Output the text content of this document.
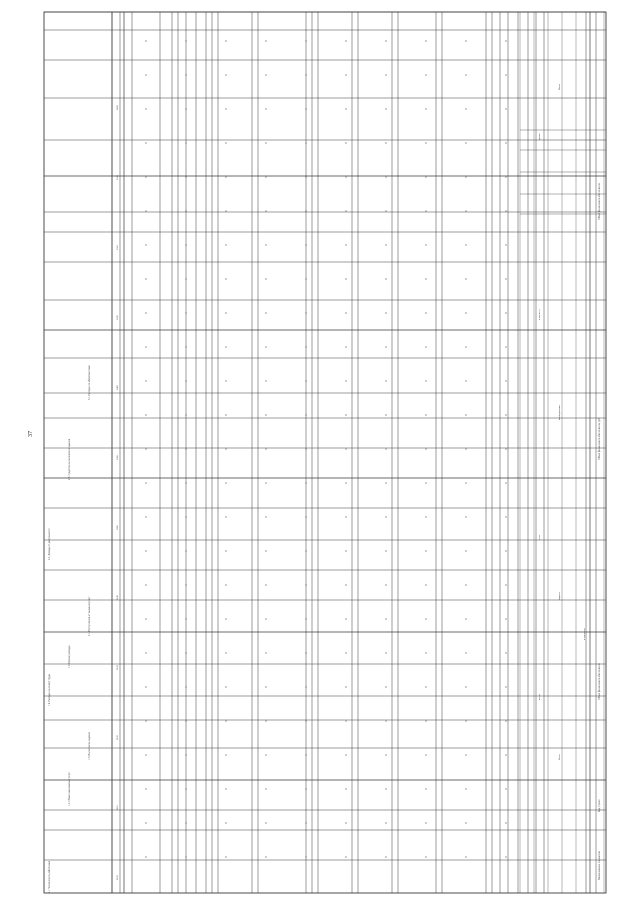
37
1.1. Численность работников
1.2. Объем оказываемых услуг
1.3. Выполнение задания
1.4. Расходы на оплату труда
1.5. Прочие расходы
2.1. Поступления от оказания услуг
2.2. Доходы от деятельности
2.3. Средства на выполнение задания
3.1. Расходы по обязательствам
0100
0110
0120
0130
0140
0200
0300
0400
0500
0510
0520
0600
Наименование показателя
Код строки
Объем финансового обеспечения
Объем финансового обеспечения, руб.
Объем финансового обеспечения
в том числе
Всего
бюджет
внебюджетные
из них
всего
в том числе
прочие
Итого
